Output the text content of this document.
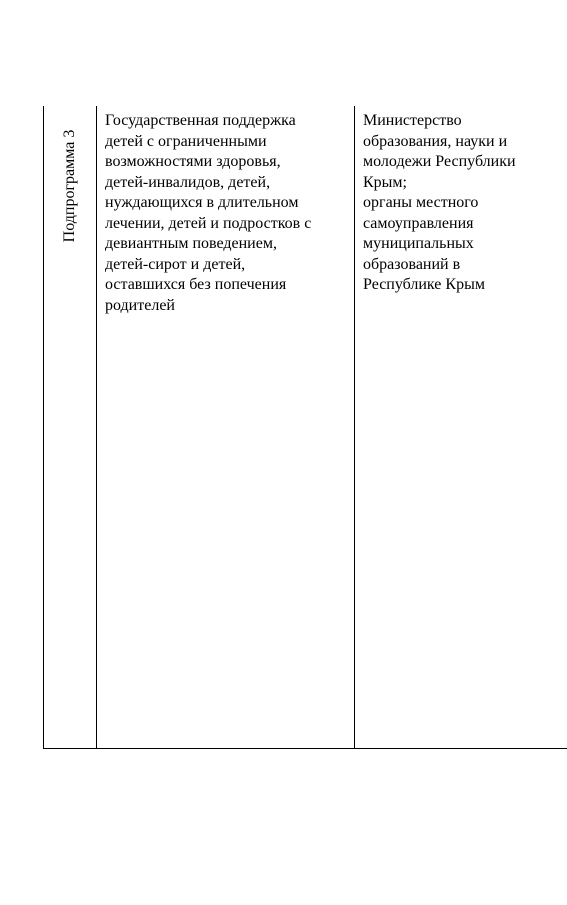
Подпрограмма 3
Государственная поддержка
детей с ограниченными
возможностями здоровья,
детей-инвалидов, детей,
нуждающихся в длительном
лечении, детей и подростков с
девиантным поведением,
детей-сирот и детей,
оставшихся без попечения
родителей
Министерство
образования, науки и
молодежи Республики
Крым;
органы местного
самоуправления
муниципальных
образований в
Республике Крым
